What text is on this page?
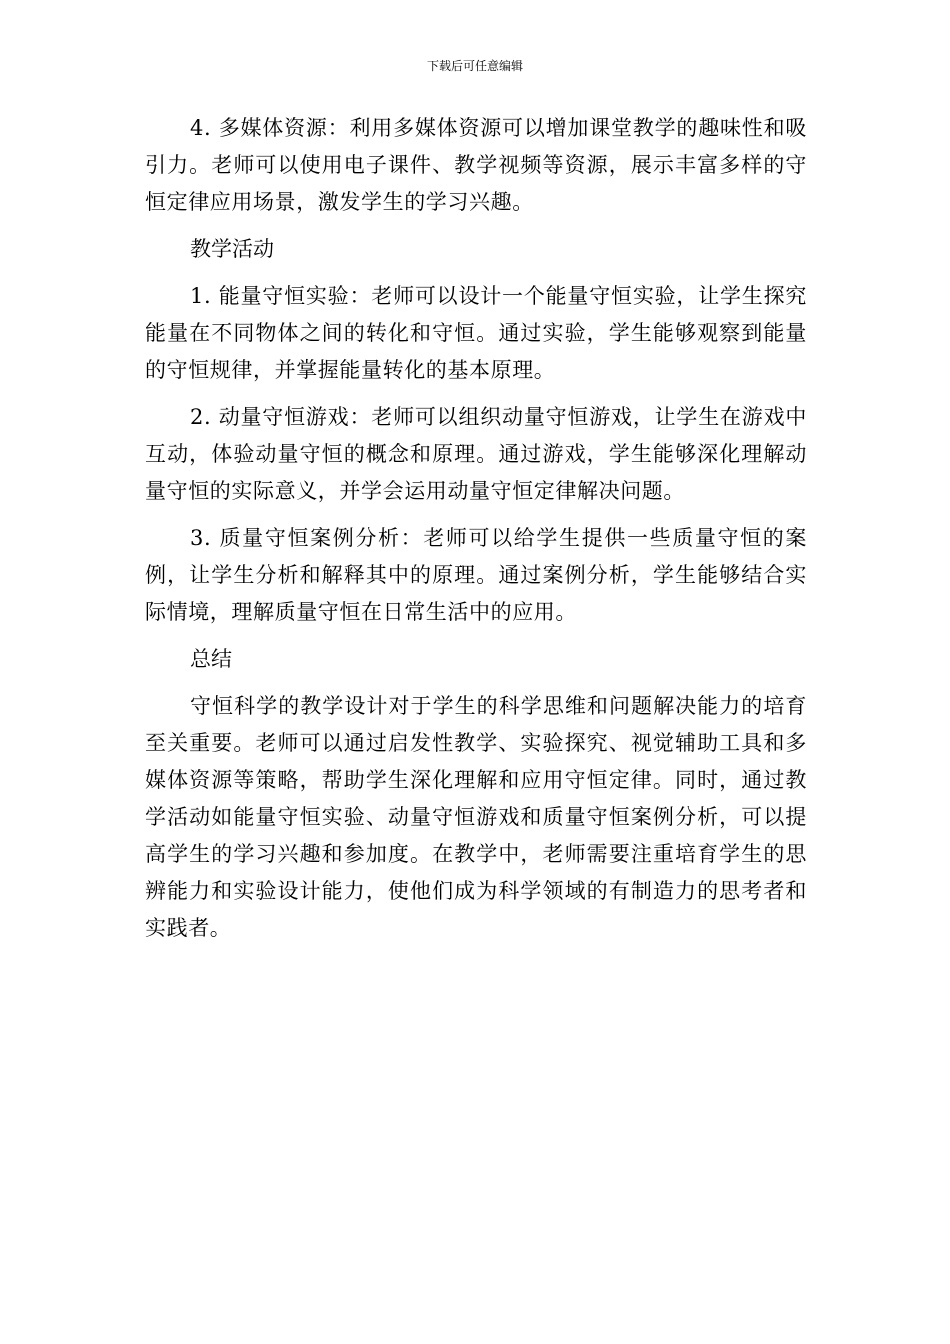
下载后可任意编辑

4. 多媒体资源：利用多媒体资源可以增加课堂教学的趣味性和吸引力。老师可以使用电子课件、教学视频等资源，展示丰富多样的守恒定律应用场景，激发学生的学习兴趣。

教学活动

1. 能量守恒实验：老师可以设计一个能量守恒实验，让学生探究能量在不同物体之间的转化和守恒。通过实验，学生能够观察到能量的守恒规律，并掌握能量转化的基本原理。

2. 动量守恒游戏：老师可以组织动量守恒游戏，让学生在游戏中互动，体验动量守恒的概念和原理。通过游戏，学生能够深化理解动量守恒的实际意义，并学会运用动量守恒定律解决问题。

3. 质量守恒案例分析：老师可以给学生提供一些质量守恒的案例，让学生分析和解释其中的原理。通过案例分析，学生能够结合实际情境，理解质量守恒在日常生活中的应用。

总结

守恒科学的教学设计对于学生的科学思维和问题解决能力的培育至关重要。老师可以通过启发性教学、实验探究、视觉辅助工具和多媒体资源等策略，帮助学生深化理解和应用守恒定律。同时，通过教学活动如能量守恒实验、动量守恒游戏和质量守恒案例分析，可以提高学生的学习兴趣和参加度。在教学中，老师需要注重培育学生的思辨能力和实验设计能力，使他们成为科学领域的有制造力的思考者和实践者。
